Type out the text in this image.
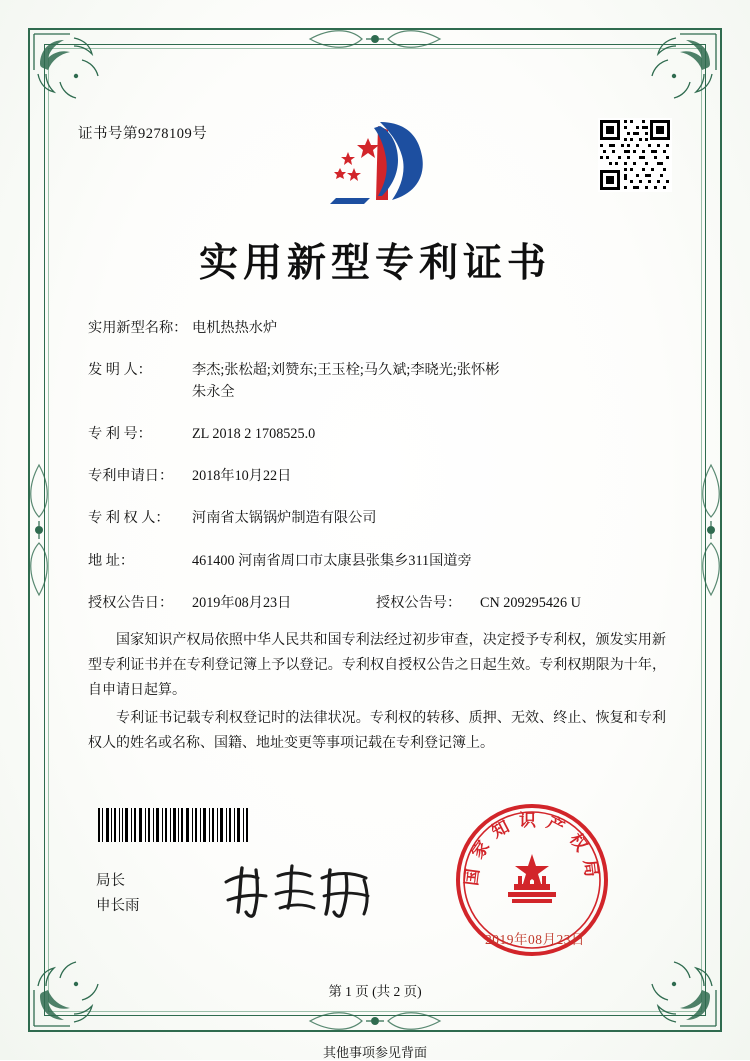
证书号第9278109号
实用新型专利证书
实用新型名称： 电机热热水炉
发 明 人：	李杰;张松超;刘赞东;王玉栓;马久斌;李晓光;张怀彬
朱永全
专 利 号：	ZL 2018 2 1708525.0
专利申请日：	2018年10月22日
专 利 权 人：	河南省太锅锅炉制造有限公司
地 址：	461400 河南省周口市太康县张集乡311国道旁
授权公告日：	2019年08月23日	授权公告号：	CN 209295426 U

国家知识产权局依照中华人民共和国专利法经过初步审查，决定授予专利权，颁发实用新型专利证书并在专利登记簿上予以登记。专利权自授权公告之日起生效。专利权期限为十年，自申请日起算。

专利证书记载专利权登记时的法律状况。专利权的转移、质押、无效、终止、恢复和专利权人的姓名或名称、国籍、地址变更等事项记载在专利登记簿上。

局长
申长雨
国家知识产权局
2019年08月23日
第 1 页 (共 2 页)
其他事项参见背面
